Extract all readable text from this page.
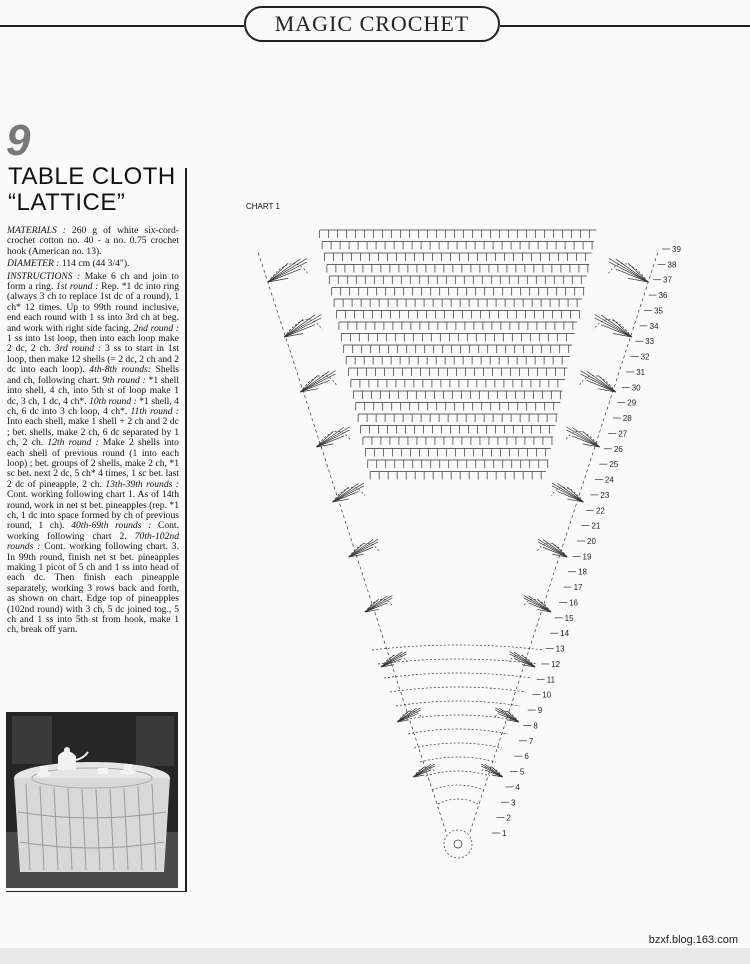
MAGIC CROCHET
9
TABLE CLOTH
“LATTICE”

MATERIALS : 260 g of white six-cord-crochet cotton no. 40 - a no. 0.75 crochet hook (American no. 13).

DIAMETER : 114 cm (44 3/4").

INSTRUCTIONS : Make 6 ch and join to form a ring. 1st round : Rep. *1 dc into ring (always 3 ch to replace 1st dc of a round), 1 ch* 12 times. Up to 99th round inclusive, end each round with 1 ss into 3rd ch at beg. and work with right side facing. 2nd round : 1 ss into 1st loop, then into each loop make 2 dc, 2 ch. 3rd round : 3 ss to start in 1st loop, then make 12 shells (= 2 dc, 2 ch and 2 dc into each loop). 4th-8th rounds: Shells and ch, following chart. 9th round : *1 shell into shell, 4 ch, into 5th st of loop make 1 dc, 3 ch, 1 dc, 4 ch*. 10th round : *1 shell, 4 ch, 6 dc into 3 ch loop, 4 ch*. 11th round : Into each shell, make 1 shell + 2 ch and 2 dc ; bet. shells, make 2 ch, 6 dc separated by 1 ch, 2 ch. 12th round : Make 2 shells into each shell of previous round (1 into each loop) ; bet. groups of 2 shells, make 2 ch, *1 sc bet. next 2 dc, 5 ch* 4 times, 1 sc bet. last 2 dc of pineapple, 2 ch. 13th-39th rounds : Cont. working following chart 1. As of 14th round, work in net st bet. pineapples (rep. *1 ch, 1 dc into space formed by ch of previous round, 1 ch). 40th-69th rounds : Cont. working following chart 2. 70th-102nd rounds : Cont. working following chart. 3. In 99th round, finish net st bet. pineapples making 1 picot of 5 ch and 1 ss into head of each dc. Then finish each pineapple separately, working 3 rows back and forth, as shown on chart. Edge top of pineapples (102nd round) with 3 ch, 5 dc joined tog., 5 ch and 1 ss into 5th st from hook, make 1 ch, break off yarn.

CHART 1
1
2
3
4
5
6
7
8
9
10
11
12
13
14
15
16
17
18
19
20
21
22
23
24
25
26
27
28
29
30
31
32
33
34
35
36
37
38
39
bzxf.blog.163.com
